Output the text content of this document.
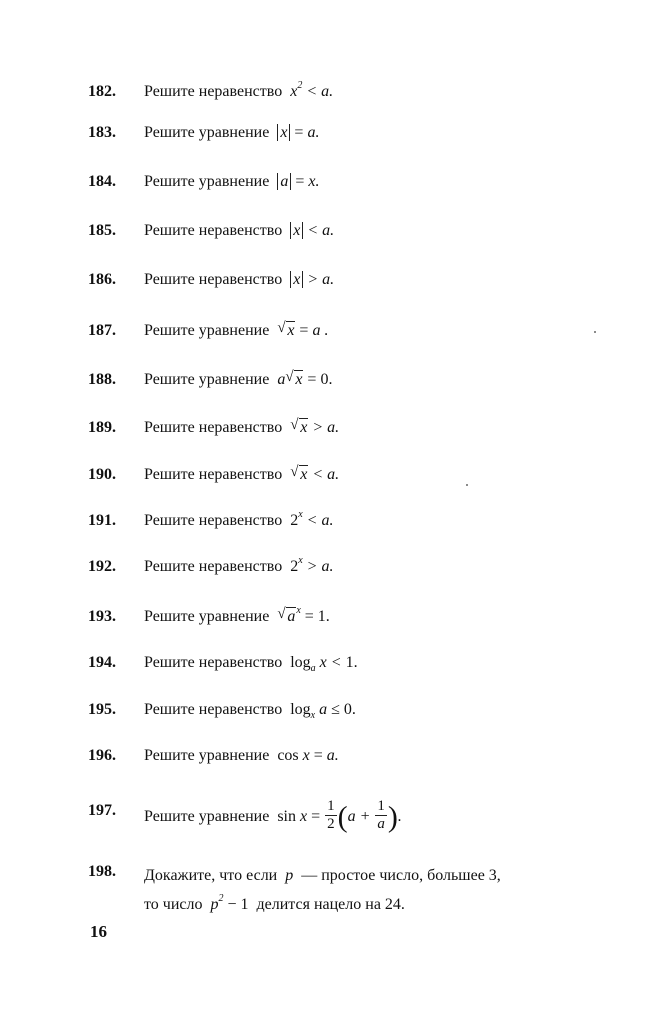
182. Решите неравенство  $x^2 < a$.
183. Решите уравнение x = a.
184. Решите уравнение a = x.
185. Решите неравенство x < a.
186. Решите неравенство x > a.
187. Решите уравнение √ x = a .
188. Решите уравнение  a √ x = 0.
189. Решите неравенство √ x > a.
190. Решите неравенство √ x < a.
191. Решите неравенство $2^x < a$.
192. Решите неравенство $2^x > a$.
193. Решите уравнение √ $a^x = 1$.
194. Решите неравенство $\log_a x < 1$.
195. Решите неравенство $\log_x a \le 0$.
196. Решите уравнение cos x = a.
197. Решите уравнение $\sin x = \frac{1}{2} (a + \frac{1}{a}$ ).
198. Докажите, что если  p  — простое число, большее 3,
то число  $p^2 - 1$ делится нацело на 24.
16
